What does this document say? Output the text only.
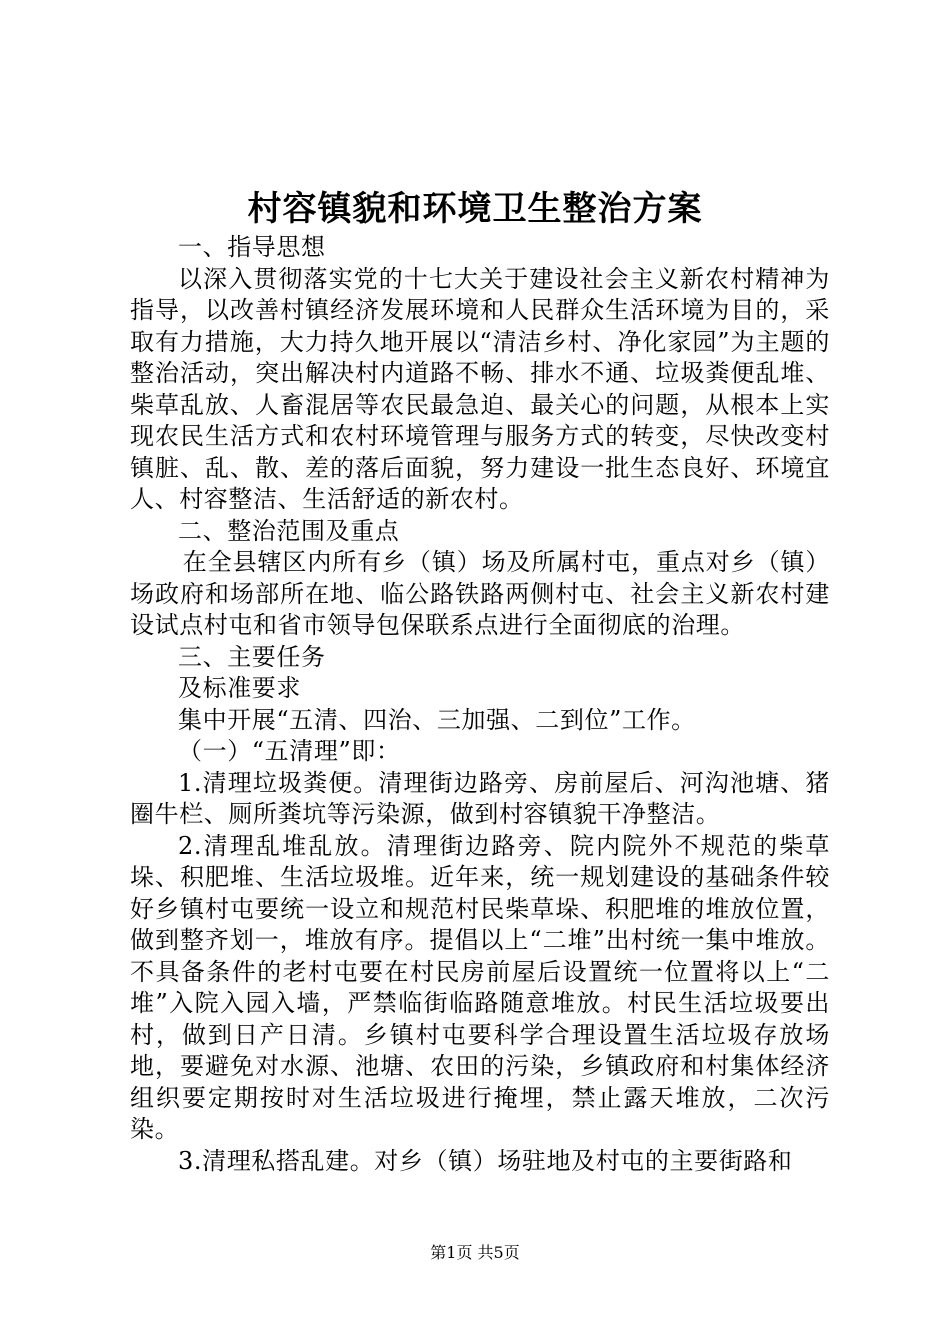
村容镇貌和环境卫生整治方案

一、指导思想

以深入贯彻落实党的十七大关于建设社会主义新农村精神为指导，以改善村镇经济发展环境和人民群众生活环境为目的，采取有力措施，大力持久地开展以“清洁乡村、净化家园”为主题的整治活动，突出解决村内道路不畅、排水不通、垃圾粪便乱堆、柴草乱放、人畜混居等农民最急迫、最关心的问题，从根本上实现农民生活方式和农村环境管理与服务方式的转变，尽快改变村镇脏、乱、散、差的落后面貌，努力建设一批生态良好、环境宜人、村容整洁、生活舒适的新农村。

二、整治范围及重点

在全县辖区内所有乡（镇）场及所属村屯，重点对乡（镇）场政府和场部所在地、临公路铁路两侧村屯、社会主义新农村建设试点村屯和省市领导包保联系点进行全面彻底的治理。

三、主要任务

及标准要求

集中开展“五清、四治、三加强、二到位”工作。

（一）“五清理”即：

1.清理垃圾粪便。清理街边路旁、房前屋后、河沟池塘、猪圈牛栏、厕所粪坑等污染源，做到村容镇貌干净整洁。

2.清理乱堆乱放。清理街边路旁、院内院外不规范的柴草垛、积肥堆、生活垃圾堆。近年来，统一规划建设的基础条件较好乡镇村屯要统一设立和规范村民柴草垛、积肥堆的堆放位置，做到整齐划一，堆放有序。提倡以上“二堆”出村统一集中堆放。不具备条件的老村屯要在村民房前屋后设置统一位置将以上“二堆”入院入园入墙，严禁临街临路随意堆放。村民生活垃圾要出村，做到日产日清。乡镇村屯要科学合理设置生活垃圾存放场地，要避免对水源、池塘、农田的污染，乡镇政府和村集体经济组织要定期按时对生活垃圾进行掩埋，禁止露天堆放，二次污染。

3.清理私搭乱建。对乡（镇）场驻地及村屯的主要街路和

第1页 共5页
